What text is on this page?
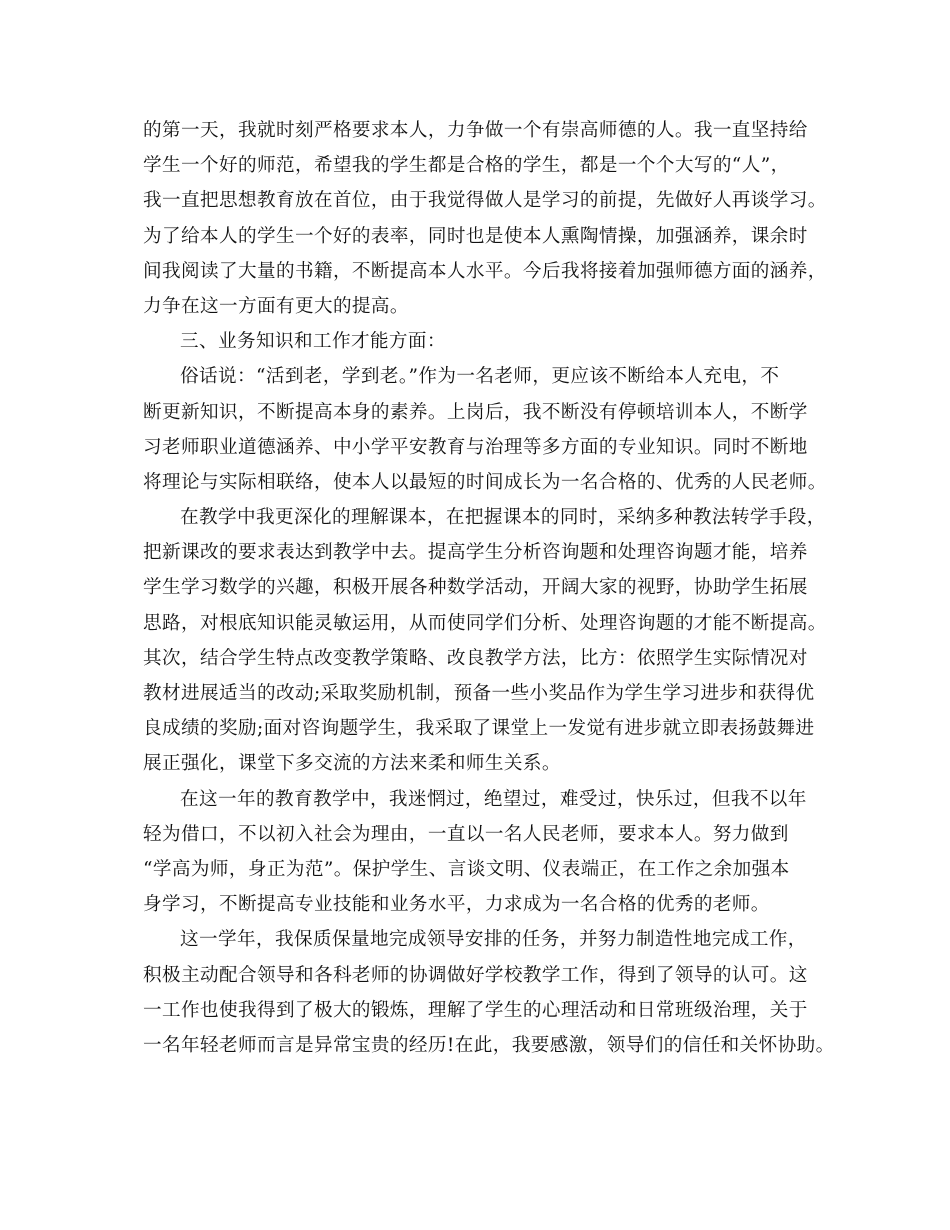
的第一天，我就时刻严格要求本人，力争做一个有崇高师德的人。我一直坚持给
学生一个好的师范，希望我的学生都是合格的学生，都是一个个大写的“人”，
我一直把思想教育放在首位，由于我觉得做人是学习的前提，先做好人再谈学习。
为了给本人的学生一个好的表率，同时也是使本人熏陶情操，加强涵养，课余时
间我阅读了大量的书籍，不断提高本人水平。今后我将接着加强师德方面的涵养，
力争在这一方面有更大的提高。
三、业务知识和工作才能方面：
俗话说：“活到老，学到老。”作为一名老师，更应该不断给本人充电，不
断更新知识，不断提高本身的素养。上岗后，我不断没有停顿培训本人，不断学
习老师职业道德涵养、中小学平安教育与治理等多方面的专业知识。同时不断地
将理论与实际相联络，使本人以最短的时间成长为一名合格的、优秀的人民老师。
在教学中我更深化的理解课本，在把握课本的同时，采纳多种教法转学手段，
把新课改的要求表达到教学中去。提高学生分析咨询题和处理咨询题才能，培养
学生学习数学的兴趣，积极开展各种数学活动，开阔大家的视野，协助学生拓展
思路，对根底知识能灵敏运用，从而使同学们分析、处理咨询题的才能不断提高。
其次，结合学生特点改变教学策略、改良教学方法，比方：依照学生实际情况对
教材进展适当的改动;采取奖励机制，预备一些小奖品作为学生学习进步和获得优
良成绩的奖励;面对咨询题学生，我采取了课堂上一发觉有进步就立即表扬鼓舞进
展正强化，课堂下多交流的方法来柔和师生关系。
在这一年的教育教学中，我迷惘过，绝望过，难受过，快乐过，但我不以年
轻为借口，不以初入社会为理由，一直以一名人民老师，要求本人。努力做到
“学高为师，身正为范”。保护学生、言谈文明、仪表端正，在工作之余加强本
身学习，不断提高专业技能和业务水平，力求成为一名合格的优秀的老师。
这一学年，我保质保量地完成领导安排的任务，并努力制造性地完成工作，
积极主动配合领导和各科老师的协调做好学校教学工作，得到了领导的认可。这
一工作也使我得到了极大的锻炼，理解了学生的心理活动和日常班级治理，关于
一名年轻老师而言是异常宝贵的经历!在此，我要感激，领导们的信任和关怀协助。
